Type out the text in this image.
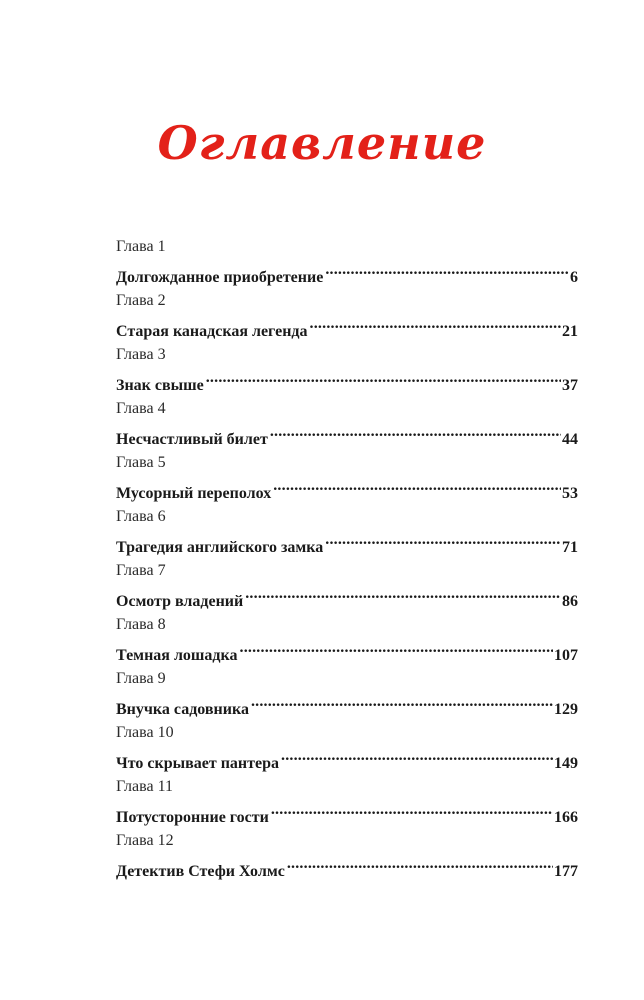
Оглавление
Глава 1
Долгожданное приобретение .....	6
Глава 2
Старая канадская легенда .....	21
Глава 3
Знак свыше .....	37
Глава 4
Несчастливый билет .....	44
Глава 5
Мусорный переполох .....	53
Глава 6
Трагедия английского замка .....	71
Глава 7
Осмотр владений .....	86
Глава 8
Темная лошадка .....	107
Глава 9
Внучка садовника .....	129
Глава 10
Что скрывает пантера .....	149
Глава 11
Потусторонние гости .....	166
Глава 12
Детектив Стефи Холмс .....	177
